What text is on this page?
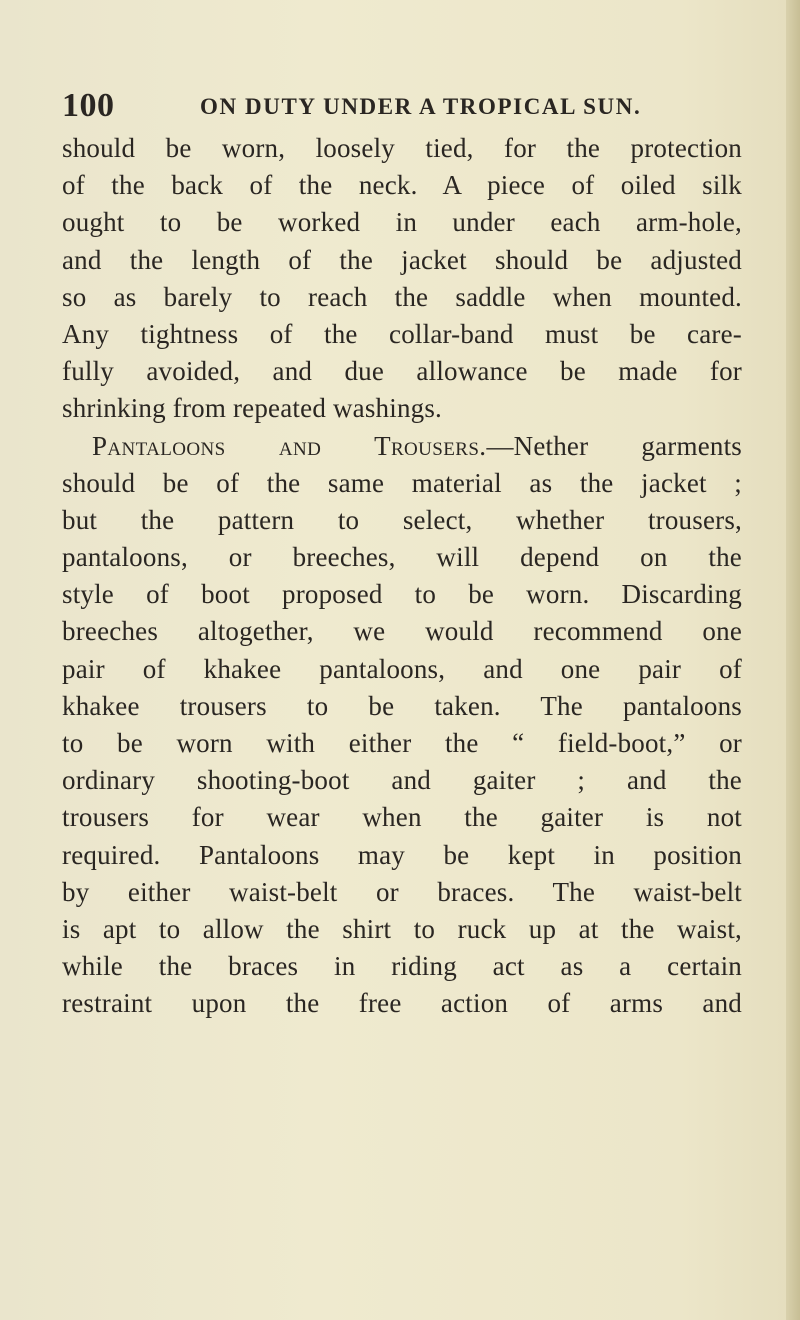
100	ON DUTY UNDER A TROPICAL SUN.
should be worn, loosely tied, for the protection
of the back of the neck. A piece of oiled silk
ought to be worked in under each arm-hole,
and the length of the jacket should be adjusted
so as barely to reach the saddle when mounted.
Any tightness of the collar-band must be care-
fully avoided, and due allowance be made for
shrinking from repeated washings.
Pantaloons and Trousers.—Nether garments
should be of the same material as the jacket ;
but the pattern to select, whether trousers,
pantaloons, or breeches, will depend on the
style of boot proposed to be worn. Discarding
breeches altogether, we would recommend one
pair of khakee pantaloons, and one pair of
khakee trousers to be taken. The pantaloons
to be worn with either the “ field-boot,” or
ordinary shooting-boot and gaiter ; and the
trousers for wear when the gaiter is not
required. Pantaloons may be kept in position
by either waist-belt or braces. The waist-belt
is apt to allow the shirt to ruck up at the waist,
while the braces in riding act as a certain
restraint upon the free action of arms and
